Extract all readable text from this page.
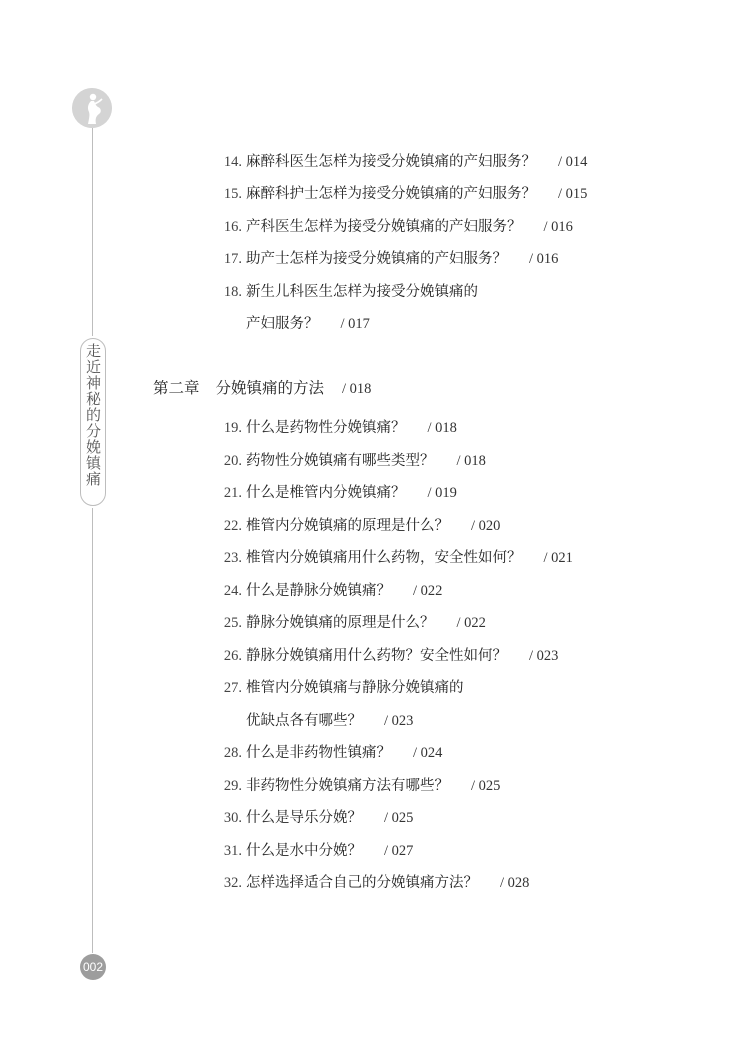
走近神秘的分娩镇痛
002
14. 麻醉科医生怎样为接受分娩镇痛的产妇服务？ / 014
15. 麻醉科护士怎样为接受分娩镇痛的产妇服务？ / 015
16. 产科医生怎样为接受分娩镇痛的产妇服务？ / 016
17. 助产士怎样为接受分娩镇痛的产妇服务？ / 016
18. 新生儿科医生怎样为接受分娩镇痛的
产妇服务？ / 017
第二章 分娩镇痛的方法 / 018
19. 什么是药物性分娩镇痛？ / 018
20. 药物性分娩镇痛有哪些类型？ / 018
21. 什么是椎管内分娩镇痛？ / 019
22. 椎管内分娩镇痛的原理是什么？ / 020
23. 椎管内分娩镇痛用什么药物，安全性如何？ / 021
24. 什么是静脉分娩镇痛？ / 022
25. 静脉分娩镇痛的原理是什么？ / 022
26. 静脉分娩镇痛用什么药物？安全性如何？ / 023
27. 椎管内分娩镇痛与静脉分娩镇痛的
优缺点各有哪些？ / 023
28. 什么是非药物性镇痛？ / 024
29. 非药物性分娩镇痛方法有哪些？ / 025
30. 什么是导乐分娩？ / 025
31. 什么是水中分娩？ / 027
32. 怎样选择适合自己的分娩镇痛方法？ / 028
